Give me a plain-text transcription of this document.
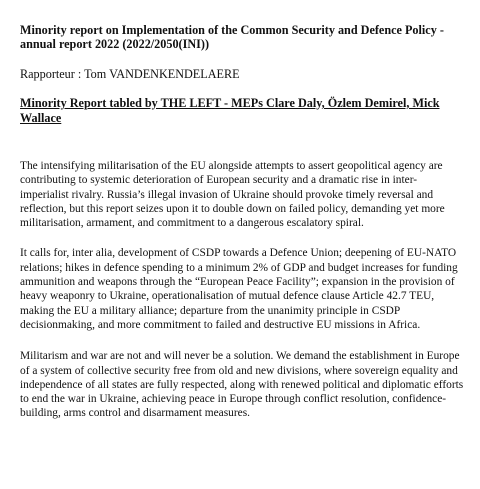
Minority report on Implementation of the Common Security and Defence Policy - annual report 2022 (2022/2050(INI))

Rapporteur : Tom VANDENKENDELAERE

Minority Report tabled by THE LEFT - MEPs Clare Daly, Özlem Demirel, Mick Wallace

The intensifying militarisation of the EU alongside attempts to assert geopolitical agency are contributing to systemic deterioration of European security and a dramatic rise in inter-imperialist rivalry. Russia’s illegal invasion of Ukraine should provoke timely reversal and reflection, but this report seizes upon it to double down on failed policy, demanding yet more militarisation, armament, and commitment to a dangerous escalatory spiral.

It calls for, inter alia, development of CSDP towards a Defence Union; deepening of EU-NATO relations; hikes in defence spending to a minimum 2% of GDP and budget increases for funding ammunition and weapons through the “European Peace Facility”; expansion in the provision of heavy weaponry to Ukraine, operationalisation of mutual defence clause Article 42.7 TEU, making the EU a military alliance; departure from the unanimity principle in CSDP decisionmaking, and more commitment to failed and destructive EU missions in Africa.

Militarism and war are not and will never be a solution. We demand the establishment in Europe of a system of collective security free from old and new divisions, where sovereign equality and independence of all states are fully respected, along with renewed political and diplomatic efforts to end the war in Ukraine, achieving peace in Europe through conflict resolution, confidence-building, arms control and disarmament measures.
